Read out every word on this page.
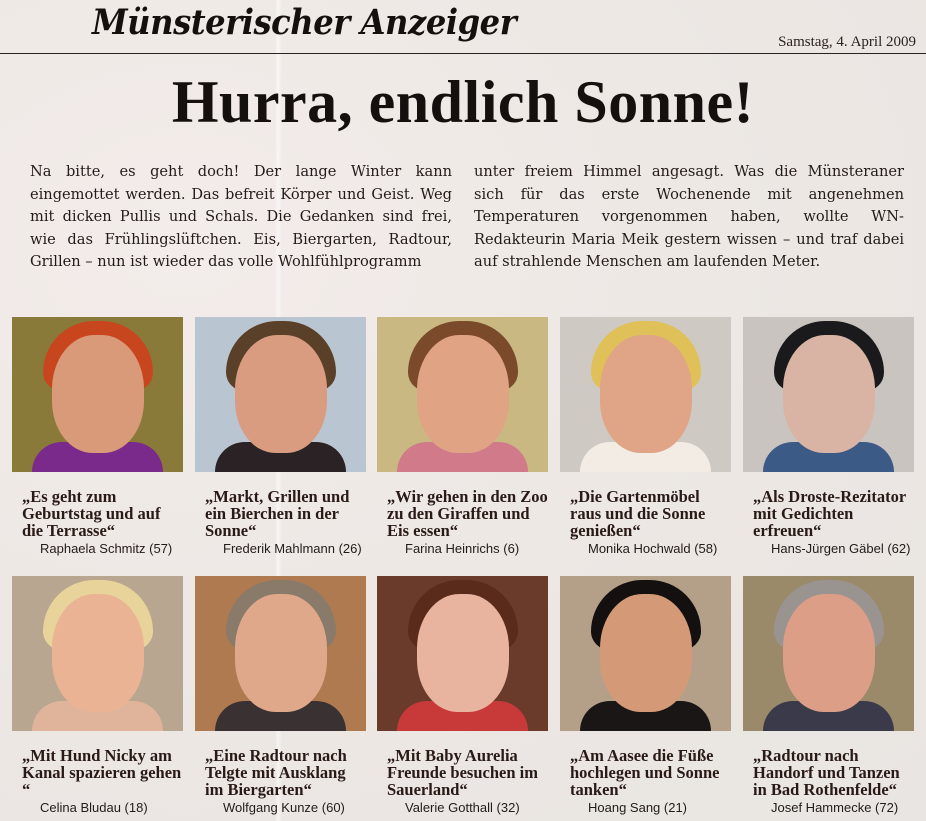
Münsterischer Anzeiger	Samstag, 4. April 2009
Hurra, endlich Sonne!
Na bitte, es geht doch! Der lange Winter kann eingemottet werden. Das befreit Körper und Geist. Weg mit dicken Pullis und Schals. Die Gedanken sind frei, wie das Frühlingslüftchen. Eis, Biergarten, Radtour, Grillen – nun ist wieder das volle Wohlfühlprogramm
unter freiem Himmel angesagt. Was die Münsteraner sich für das erste Wochenende mit angenehmen Temperaturen vorgenommen haben, wollte WN-Redakteurin Maria Meik gestern wissen – und traf dabei auf strahlende Menschen am laufenden Meter.
„Es geht zum Geburtstag und auf die Terrasse“
Raphaela Schmitz (57)
„Markt, Grillen und ein Bierchen in der Sonne“
Frederik Mahlmann (26)
„Wir gehen in den Zoo zu den Giraffen und Eis essen“
Farina Heinrichs (6)
„Die Gartenmöbel raus und die Sonne genießen“
Monika Hochwald (58)
„Als Droste-Rezitator mit Gedichten erfreuen“
Hans-Jürgen Gäbel (62)
„Mit Hund Nicky am Kanal spazieren gehen “
Celina Bludau (18)
„Eine Radtour nach Telgte mit Ausklang im Biergarten“
Wolfgang Kunze (60)
„Mit Baby Aurelia Freunde besuchen im Sauerland“
Valerie Gotthall (32)
„Am Aasee die Füße hochlegen und Sonne tanken“
Hoang Sang (21)
„Radtour nach Handorf und Tanzen in Bad Rothenfelde“
Josef Hammecke (72)
